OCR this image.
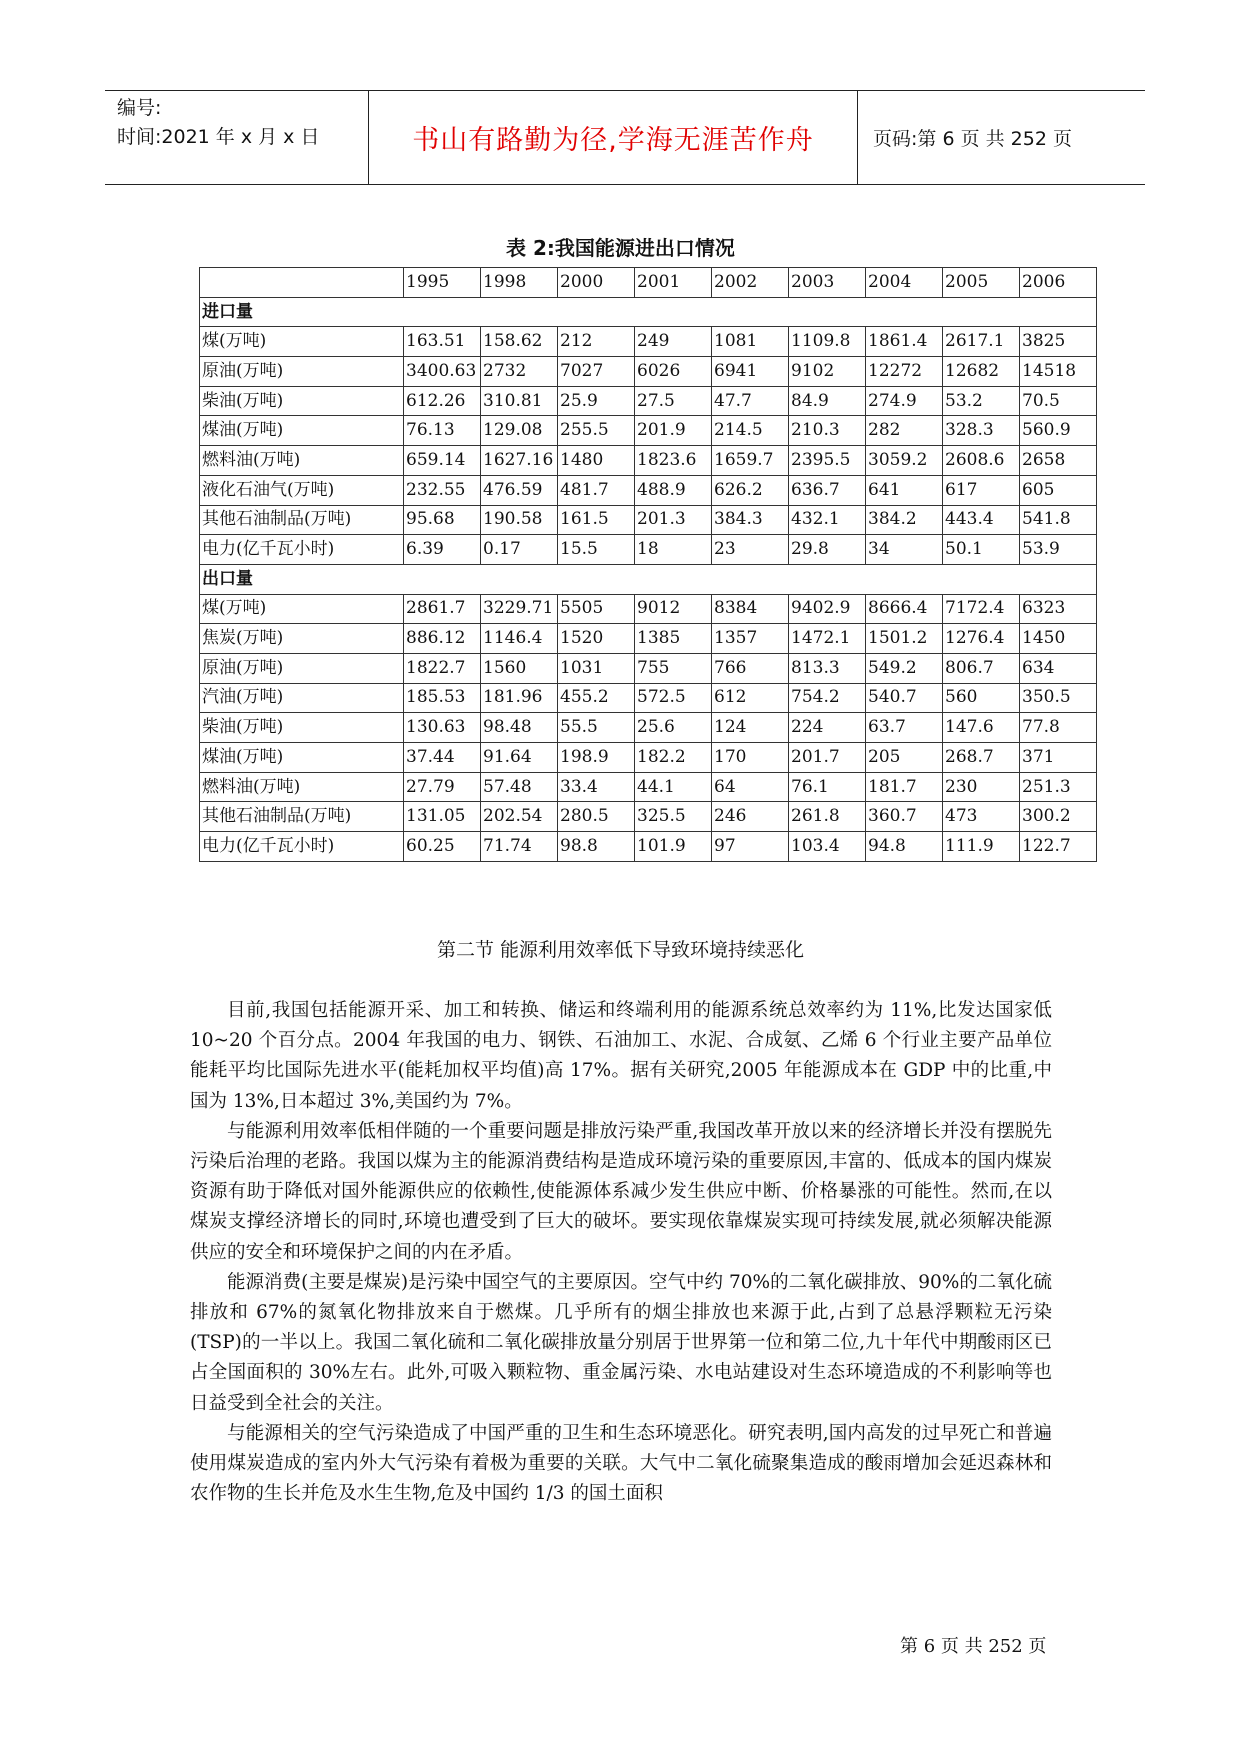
编号:
时间:2021 年 x 月 x 日	书山有路勤为径,学海无涯苦作舟	页码:第 6 页 共 252 页
表 2:我国能源进出口情况
	1995	1998	2000	2001	2002	2003	2004	2005	2006
进口量									
煤(万吨)	163.51	158.62	212	249	1081	1109.8	1861.4	2617.1	3825
原油(万吨)	3400.63	2732	7027	6026	6941	9102	12272	12682	14518
柴油(万吨)	612.26	310.81	25.9	27.5	47.7	84.9	274.9	53.2	70.5
煤油(万吨)	76.13	129.08	255.5	201.9	214.5	210.3	282	328.3	560.9
燃料油(万吨)	659.14	1627.16	1480	1823.6	1659.7	2395.5	3059.2	2608.6	2658
液化石油气(万吨)	232.55	476.59	481.7	488.9	626.2	636.7	641	617	605
其他石油制品(万吨)	95.68	190.58	161.5	201.3	384.3	432.1	384.2	443.4	541.8
电力(亿千瓦小时)	6.39	0.17	15.5	18	23	29.8	34	50.1	53.9
出口量									
煤(万吨)	2861.7	3229.71	5505	9012	8384	9402.9	8666.4	7172.4	6323
焦炭(万吨)	886.12	1146.4	1520	1385	1357	1472.1	1501.2	1276.4	1450
原油(万吨)	1822.7	1560	1031	755	766	813.3	549.2	806.7	634
汽油(万吨)	185.53	181.96	455.2	572.5	612	754.2	540.7	560	350.5
柴油(万吨)	130.63	98.48	55.5	25.6	124	224	63.7	147.6	77.8
煤油(万吨)	37.44	91.64	198.9	182.2	170	201.7	205	268.7	371
燃料油(万吨)	27.79	57.48	33.4	44.1	64	76.1	181.7	230	251.3
其他石油制品(万吨)	131.05	202.54	280.5	325.5	246	261.8	360.7	473	300.2
电力(亿千瓦小时)	60.25	71.74	98.8	101.9	97	103.4	94.8	111.9	122.7
第二节 能源利用效率低下导致环境持续恶化

目前,我国包括能源开采、加工和转换、储运和终端利用的能源系统总效率约为 11%,比发达国家低 10~20 个百分点。2004 年我国的电力、钢铁、石油加工、水泥、合成氨、乙烯 6 个行业主要产品单位能耗平均比国际先进水平(能耗加权平均值)高 17%。据有关研究,2005 年能源成本在 GDP 中的比重,中国为 13%,日本超过 3%,美国约为 7%。

与能源利用效率低相伴随的一个重要问题是排放污染严重,我国改革开放以来的经济增长并没有摆脱先污染后治理的老路。我国以煤为主的能源消费结构是造成环境污染的重要原因,丰富的、低成本的国内煤炭资源有助于降低对国外能源供应的依赖性,使能源体系减少发生供应中断、价格暴涨的可能性。然而,在以煤炭支撑经济增长的同时,环境也遭受到了巨大的破坏。要实现依靠煤炭实现可持续发展,就必须解决能源供应的安全和环境保护之间的内在矛盾。

能源消费(主要是煤炭)是污染中国空气的主要原因。空气中约 70%的二氧化碳排放、90%的二氧化硫排放和 67%的氮氧化物排放来自于燃煤。几乎所有的烟尘排放也来源于此,占到了总悬浮颗粒无污染(TSP)的一半以上。我国二氧化硫和二氧化碳排放量分别居于世界第一位和第二位,九十年代中期酸雨区已占全国面积的 30%左右。此外,可吸入颗粒物、重金属污染、水电站建设对生态环境造成的不利影响等也日益受到全社会的关注。

与能源相关的空气污染造成了中国严重的卫生和生态环境恶化。研究表明,国内高发的过早死亡和普遍使用煤炭造成的室内外大气污染有着极为重要的关联。大气中二氧化硫聚集造成的酸雨增加会延迟森林和农作物的生长并危及水生生物,危及中国约 1/3 的国土面积

第 6 页 共 252 页
